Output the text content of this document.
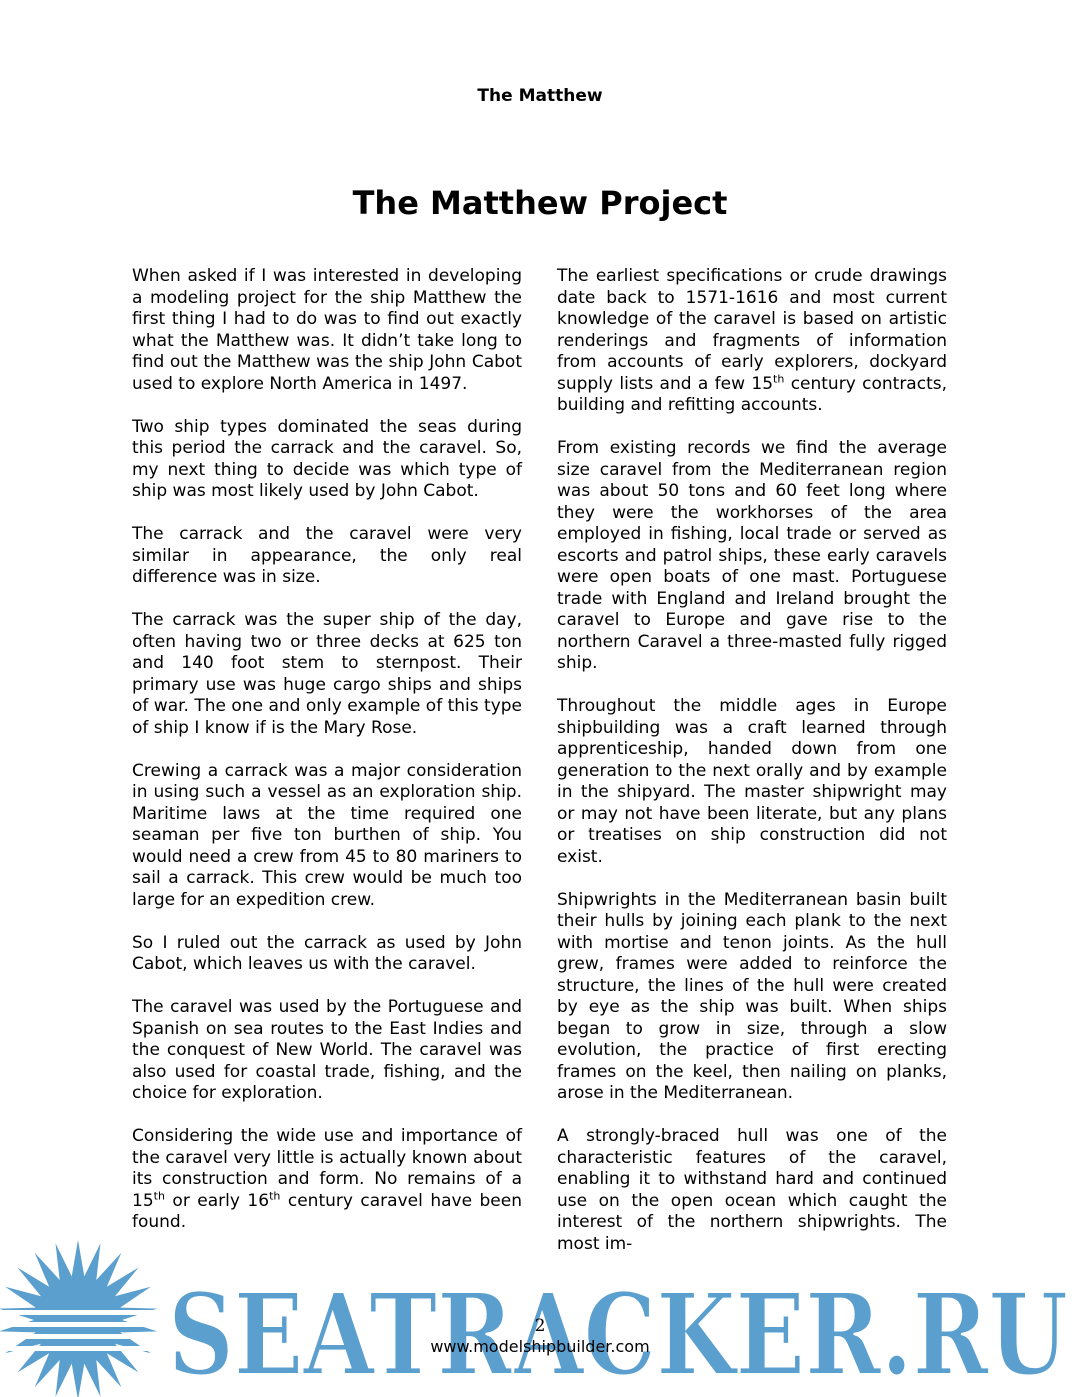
The Matthew
The Matthew Project

When asked if I was interested in developing a modeling project for the ship Matthew the first thing I had to do was to find out exactly what the Matthew was. It didn’t take long to find out the Matthew was the ship John Cabot used to explore North America in 1497.

Two ship types dominated the seas during this period the carrack and the caravel. So, my next thing to decide was which type of ship was most likely used by John Cabot.

The carrack and the caravel were very similar in appearance, the only real difference was in size.

The carrack was the super ship of the day, often having two or three decks at 625 ton and 140 foot stem to sternpost. Their primary use was huge cargo ships and ships of war. The one and only example of this type of ship I know if is the Mary Rose.

Crewing a carrack was a major consideration in using such a vessel as an exploration ship. Maritime laws at the time required one seaman per five ton burthen of ship. You would need a crew from 45 to 80 mariners to sail a carrack. This crew would be much too large for an expedition crew.

So I ruled out the carrack as used by John Cabot, which leaves us with the caravel.

The caravel was used by the Portuguese and Spanish on sea routes to the East Indies and the conquest of New World. The caravel was also used for coastal trade, fishing, and the choice for exploration.

Considering the wide use and importance of the caravel very little is actually known about its construction and form. No remains of a 15th or early 16th century caravel have been found.

The earliest specifications or crude drawings date back to 1571-1616 and most current knowledge of the caravel is based on artistic renderings and fragments of information from accounts of early explorers, dockyard supply lists and a few 15th century contracts, building and refitting accounts.

From existing records we find the average size caravel from the Mediterranean region was about 50 tons and 60 feet long where they were the workhorses of the area employed in fishing, local trade or served as escorts and patrol ships, these early caravels were open boats of one mast. Portuguese trade with England and Ireland brought the caravel to Europe and gave rise to the northern Caravel a three-masted fully rigged ship.

Throughout the middle ages in Europe shipbuilding was a craft learned through apprenticeship, handed down from one generation to the next orally and by example in the shipyard. The master shipwright may or may not have been literate, but any plans or treatises on ship construction did not exist.

Shipwrights in the Mediterranean basin built their hulls by joining each plank to the next with mortise and tenon joints. As the hull grew, frames were added to reinforce the structure, the lines of the hull were created by eye as the ship was built. When ships began to grow in size, through a slow evolution, the practice of first erecting frames on the keel, then nailing on planks, arose in the Mediterranean.

A strongly-braced hull was one of the characteristic features of the caravel, enabling it to withstand hard and continued use on the open ocean which caught the interest of the northern shipwrights. The most im-

SEATRACKER.RU
2
www.modelshipbuilder.com
